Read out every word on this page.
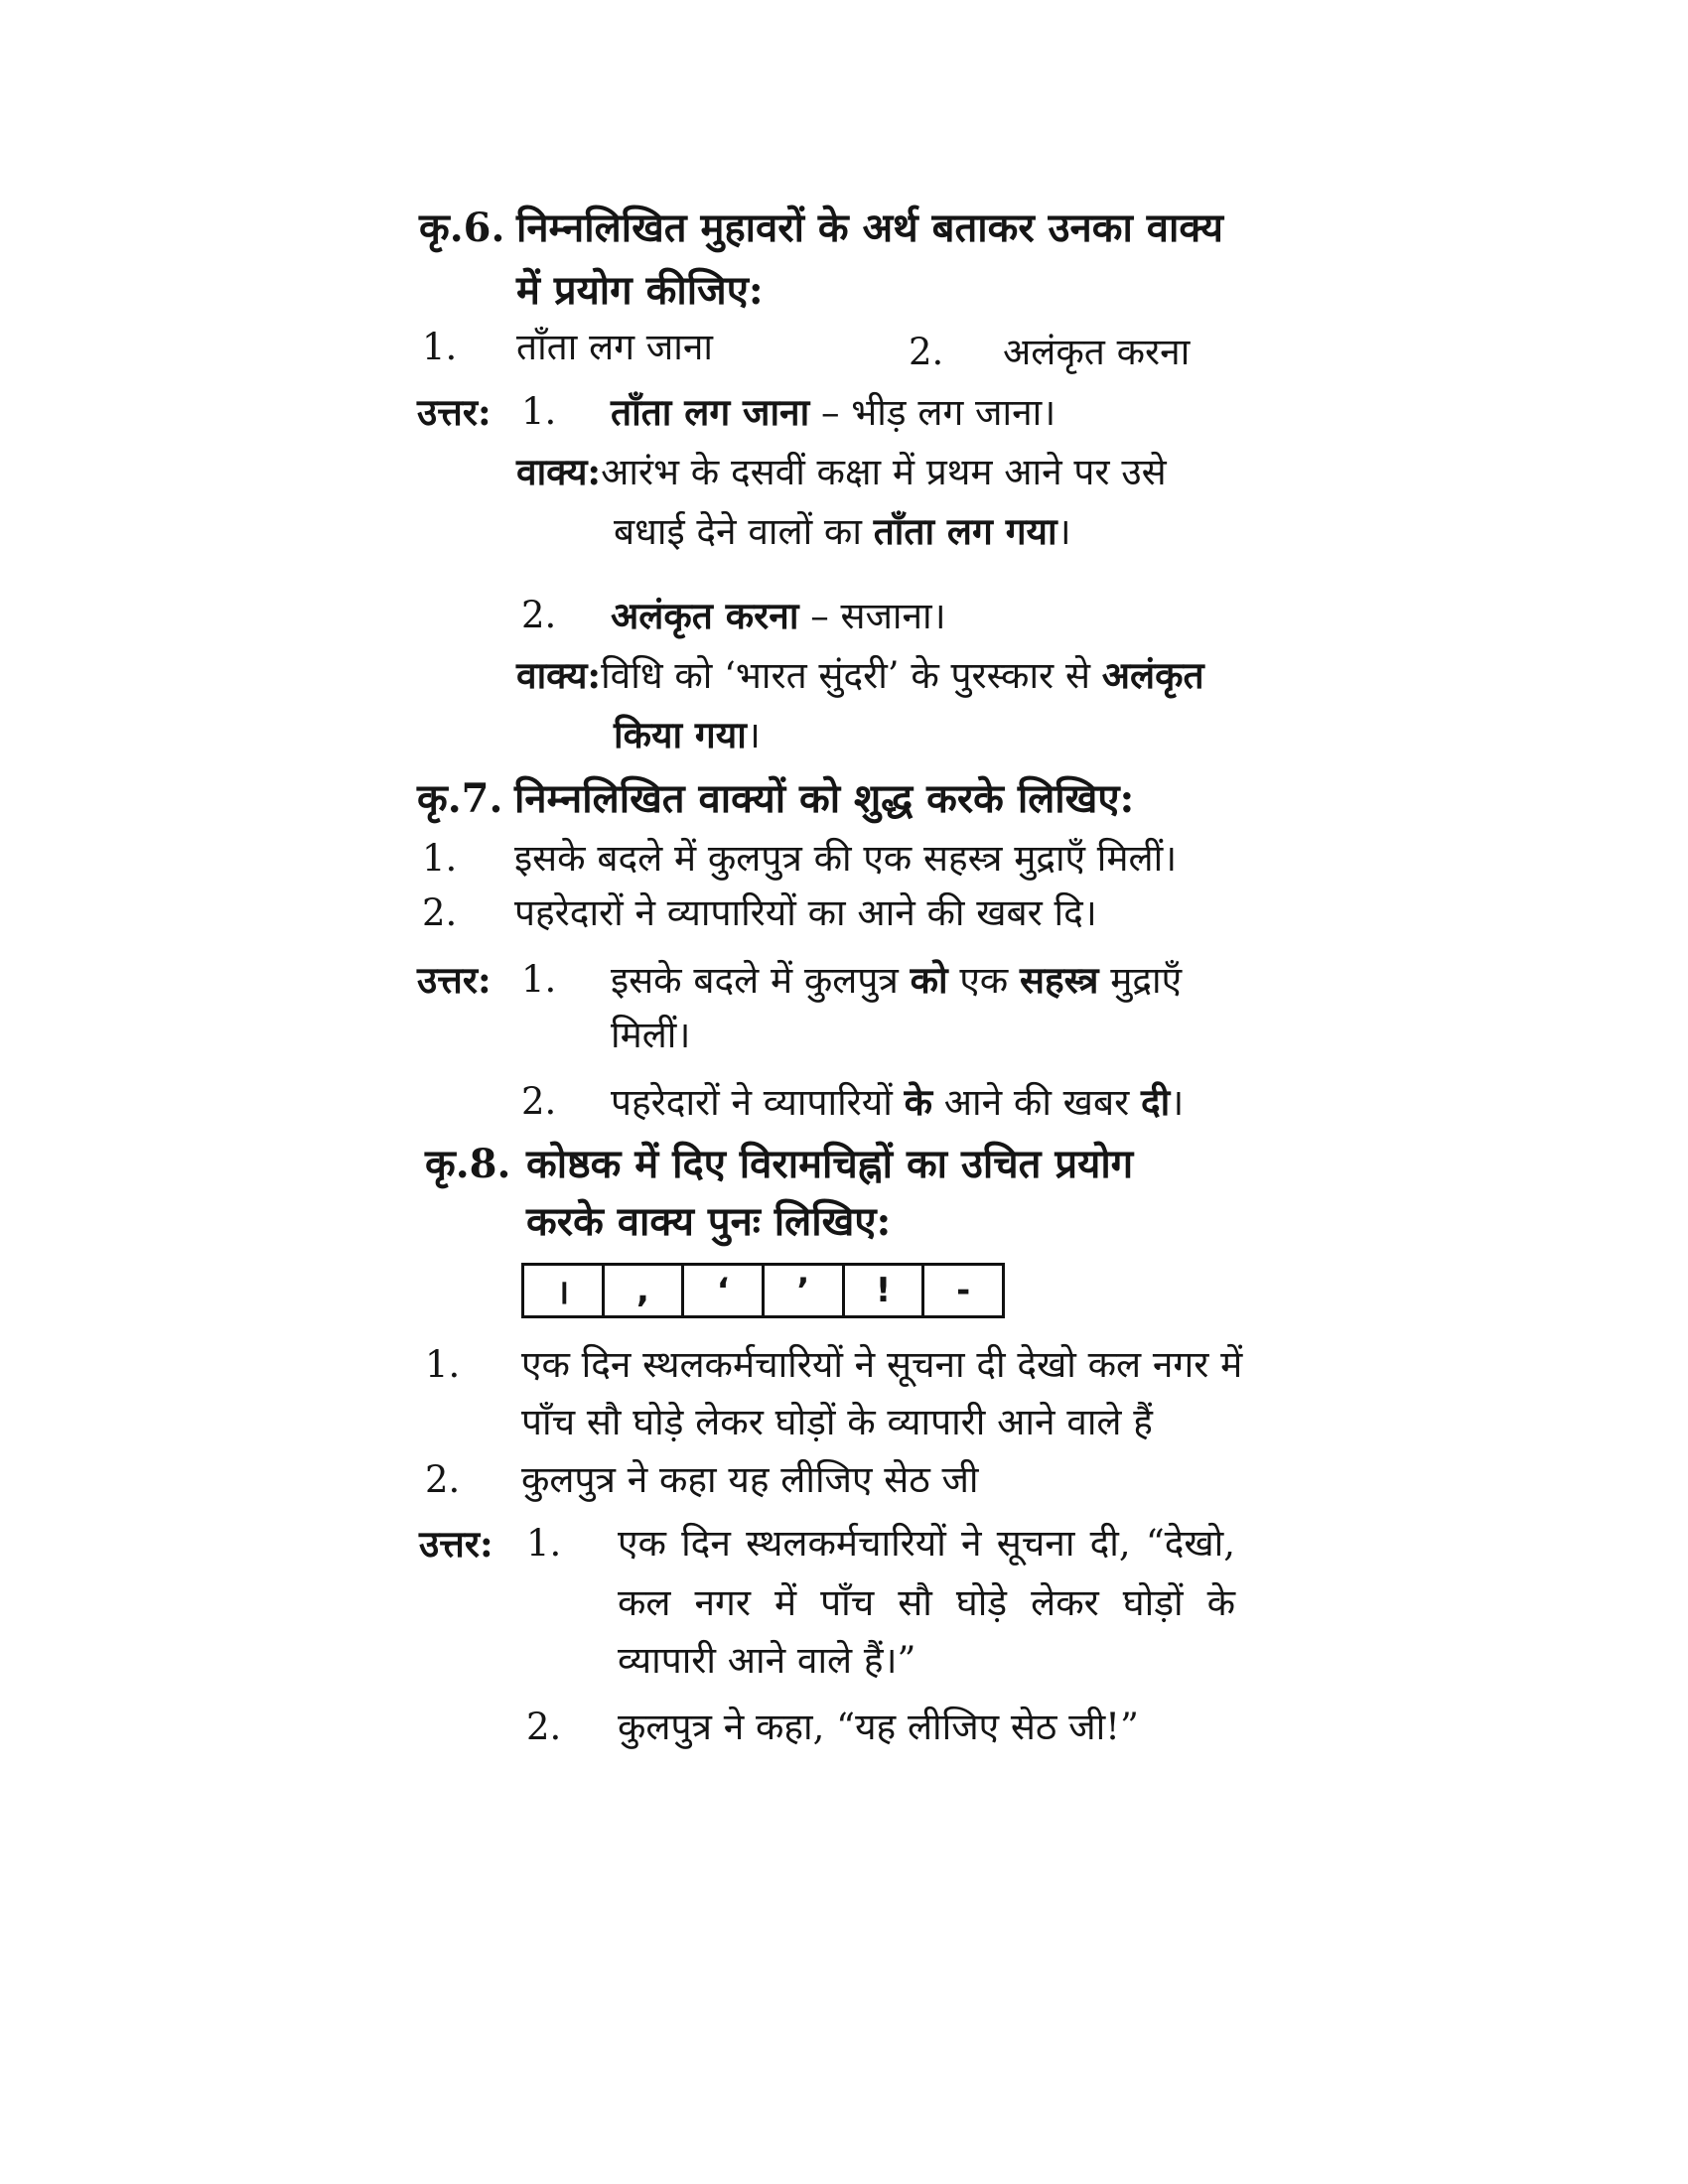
कृ.6. निम्नलिखित मुहावरों के अर्थ बताकर उनका वाक्य
में प्रयोग कीजिए:
1. ताँता लग जाना	2. अलंकृत करना
उत्तर: 1. ताँता लग जाना – भीड़ लग जाना।
वाक्य:आरंभ के दसवीं कक्षा में प्रथम आने पर उसे
बधाई देने वालों का ताँता लग गया।
2. अलंकृत करना – सजाना।
वाक्य:विधि को ‘भारत सुंदरी’ के पुरस्कार से अलंकृत
किया गया।
कृ.7. निम्नलिखित वाक्यों को शुद्ध करके लिखिए:
1. इसके बदले में कुलपुत्र की एक सहस्त्र मुद्राएँ मिलीं।
2. पहरेदारों ने व्यापारियों का आने की खबर दि।
उत्तर: 1. इसके बदले में कुलपुत्र को एक सहस्त्र मुद्राएँ
मिलीं।
2. पहरेदारों ने व्यापारियों के आने की खबर दी।
कृ.8. कोष्ठक में दिए विरामचिह्नों का उचित प्रयोग
करके वाक्य पुनः लिखिए:
।	,	‘	’	!	-
1. एक दिन स्थलकर्मचारियों ने सूचना दी देखो कल नगर में
पाँच सौ घोड़े लेकर घोड़ों के व्यापारी आने वाले हैं
2. कुलपुत्र ने कहा यह लीजिए सेठ जी
उत्तर: 1. एक दिन स्थलकर्मचारियों ने सूचना दी, “देखो,
कल नगर में पाँच सौ घोड़े लेकर घोड़ों के
व्यापारी आने वाले हैं।”
2. कुलपुत्र ने कहा, “यह लीजिए सेठ जी!”
